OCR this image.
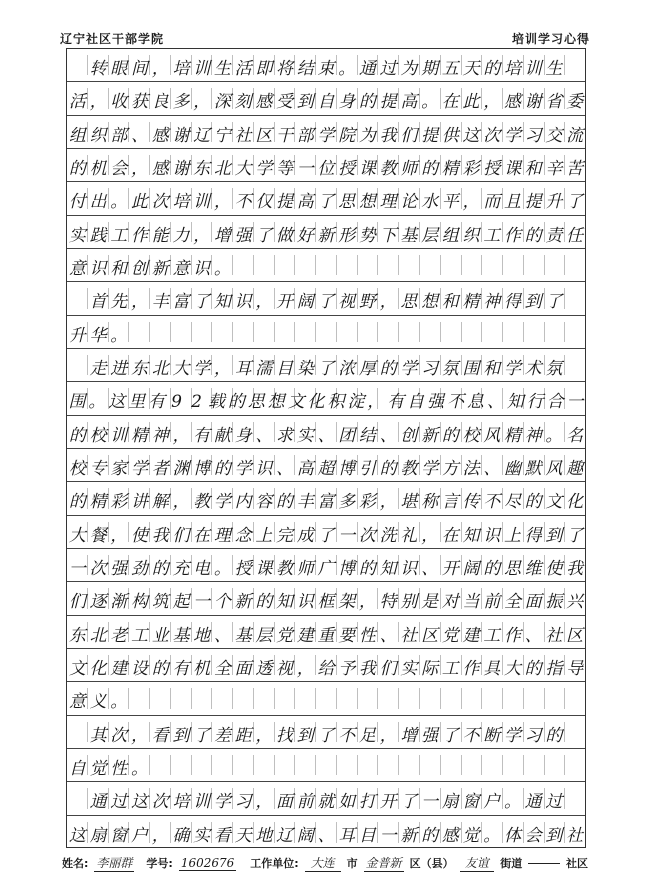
辽宁社区干部学院	培训学习心得

转 眼 间 ， 培 训 生 活 即 将 结 束 。 通 过 为 期 五 天 的 培 训 生

活 ， 收 获 良 多 ， 深 刻 感 受 到 自 身 的 提 高 。 在 此 ， 感 谢 省 委
组 织 部 、 感 谢 辽 宁 社 区 干 部 学 院 为 我 们 提 供 这 次 学 习 交 流
的 机 会 ， 感 谢 东 北 大 学 等 一 位 授 课 教 师 的 精 彩 授 课 和 辛 苦
付 出 。 此 次 培 训 ， 不 仅 提 高 了 思 想 理 论 水 平 ， 而 且 提 升 了
实 践 工 作 能 力 ， 增 强 了 做 好 新 形 势 下 基 层 组 织 工 作 的 责 任
意 识 和 创 新 意 识 。

首 先 ， 丰 富 了 知 识 ， 开 阔 了 视 野 ， 思 想 和 精 神 得 到 了

升 华 。

走 进 东 北 大 学 ， 耳 濡 目 染 了 浓 厚 的 学 习 氛 围 和 学 术 氛

围 。 这 里 有 9 2 载 的 思 想 文 化 积 淀 ， 有 自 强 不 息 、 知 行 合 一
的 校 训 精 神 ， 有 献 身 、 求 实 、 团 结 、 创 新 的 校 风 精 神 。 名
校 专 家 学 者 渊 博 的 学 识 、 高 超 博 引 的 教 学 方 法 、 幽 默 风 趣
的 精 彩 讲 解 ， 教 学 内 容 的 丰 富 多 彩 ， 堪 称 言 传 不 尽 的 文 化
大 餐 ， 使 我 们 在 理 念 上 完 成 了 一 次 洗 礼 ， 在 知 识 上 得 到 了
一 次 强 劲 的 充 电 。 授 课 教 师 广 博 的 知 识 、 开 阔 的 思 维 使 我
们 逐 渐 构 筑 起 一 个 新 的 知 识 框 架 ， 特 别 是 对 当 前 全 面 振 兴
东 北 老 工 业 基 地 、 基 层 党 建 重 要 性 、 社 区 党 建 工 作 、 社 区
文 化 建 设 的 有 机 全 面 透 视 ， 给 予 我 们 实 际 工 作 具 大 的 指 导
意 义 。

其 次 ， 看 到 了 差 距 ， 找 到 了 不 足 ， 增 强 了 不 断 学 习 的

自 觉 性 。

通 过 这 次 培 训 学 习 ， 面 前 就 如 打 开 了 一 扇 窗 户 。 通 过

这 扇 窗 户 ， 确 实 看 天 地 辽 阔 、 耳 目 一 新 的 感 觉 。 体 会 到 社
姓名: 李丽群 学号: 1602676 工作单位: 大连	市 金普新 区（县） 友谊	街道	社区
